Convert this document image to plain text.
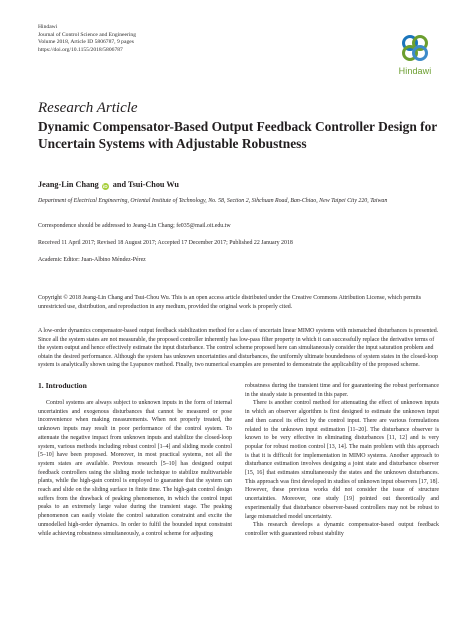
Hindawi
Journal of Control Science and Engineering
Volume 2018, Article ID 5806787, 9 pages
https://doi.org/10.1155/2018/5806787
Hindawi
Research Article
Dynamic Compensator-Based Output Feedback Controller Design for Uncertain Systems with Adjustable Robustness
Jeang-Lin Chang iD and Tsui-Chou Wu
Department of Electrical Engineering, Oriental Institute of Technology, No. 58, Section 2, Sihchuan Road, Ban-Chiao, New Taipei City 220, Taiwan
Correspondence should be addressed to Jeang-Lin Chang; fe035@mail.oit.edu.tw
Received 11 April 2017; Revised 18 August 2017; Accepted 17 December 2017; Published 22 January 2018
Academic Editor: Juan-Albino Méndez-Pérez
Copyright © 2018 Jeang-Lin Chang and Tsui-Chou Wu. This is an open access article distributed under the Creative Commons Attribution License, which permits unrestricted use, distribution, and reproduction in any medium, provided the original work is properly cited.
A low-order dynamics compensator-based output feedback stabilization method for a class of uncertain linear MIMO systems with mismatched disturbances is presented. Since all the system states are not measurable, the proposed controller inherently has low-pass filter property in which it can successfully replace the derivative terms of the system output and hence effectively estimate the input disturbance. The control scheme proposed here can simultaneously consider the input saturation problem and obtain the desired performance. Although the system has unknown uncertainties and disturbances, the uniformly ultimate boundedness of system states in the closed-loop system is analytically shown using the Lyapunov method. Finally, two numerical examples are presented to demonstrate the applicability of the proposed scheme.
1. Introduction

Control systems are always subject to unknown inputs in the form of internal uncertainties and exogenous disturbances that cannot be measured or pose inconvenience when making measurements. When not properly treated, the unknown inputs may result in poor performance of the control system. To attenuate the negative impact from unknown inputs and stabilize the closed-loop system, various methods including robust control [1–4] and sliding mode control [5–10] have been proposed. Moreover, in most practical systems, not all the system states are available. Previous research [5–10] has designed output feedback controllers using the sliding mode technique to stabilize multivariable plants, while the high-gain control is employed to guarantee that the system can reach and slide on the sliding surface in finite time. The high-gain control design suffers from the drawback of peaking phenomenon, in which the control input peaks to an extremely large value during the transient stage. The peaking phenomenon can easily violate the control saturation constraint and excite the unmodelled high-order dynamics. In order to fulfil the bounded input constraint while achieving robustness simultaneously, a control scheme for adjusting

robustness during the transient time and for guaranteeing the robust performance in the steady state is presented in this paper.

There is another control method for attenuating the effect of unknown inputs in which an observer algorithm is first designed to estimate the unknown input and then cancel its effect by the control input. There are various formulations related to the unknown input estimation [11–20]. The disturbance observer is known to be very effective in eliminating disturbances [11, 12] and is very popular for robust motion control [13, 14]. The main problem with this approach is that it is difficult for implementation in MIMO systems. Another approach to disturbance estimation involves designing a joint state and disturbance observer [15, 16] that estimates simultaneously the states and the unknown disturbances. This approach was first developed in studies of unknown input observers [17, 18]. However, these previous works did not consider the issue of structure uncertainties. Moreover, one study [19] pointed out theoretically and experimentally that disturbance observer-based controllers may not be robust to large mismatched model uncertainty.

This research develops a dynamic compensator-based output feedback controller with guaranteed robust stability
